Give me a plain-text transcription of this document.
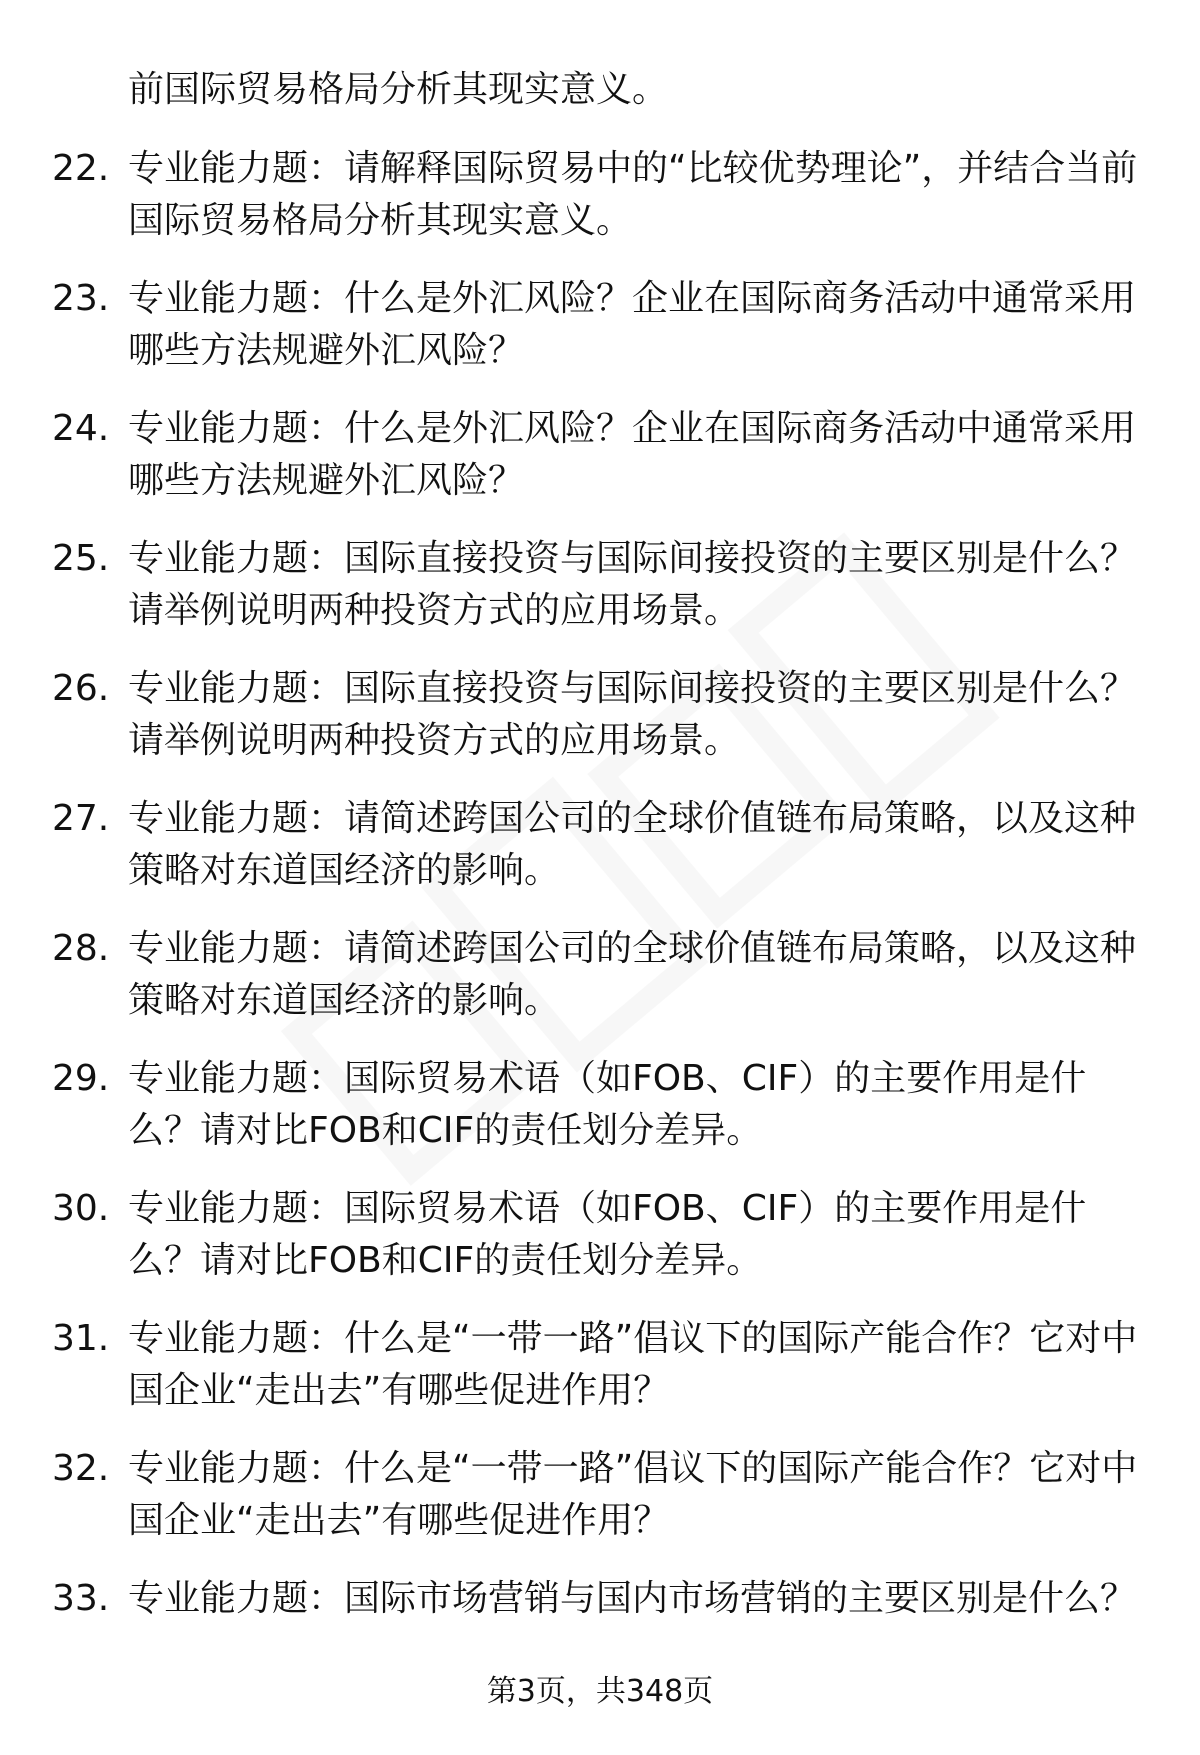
前国际贸易格局分析其现实意义。

22. 专业能力题：请解释国际贸易中的“比较优势理论”，并结合当前国际贸易格局分析其现实意义。

23. 专业能力题：什么是外汇风险？企业在国际商务活动中通常采用哪些方法规避外汇风险？

24. 专业能力题：什么是外汇风险？企业在国际商务活动中通常采用哪些方法规避外汇风险？

25. 专业能力题：国际直接投资与国际间接投资的主要区别是什么？请举例说明两种投资方式的应用场景。

26. 专业能力题：国际直接投资与国际间接投资的主要区别是什么？请举例说明两种投资方式的应用场景。

27. 专业能力题：请简述跨国公司的全球价值链布局策略，以及这种策略对东道国经济的影响。

28. 专业能力题：请简述跨国公司的全球价值链布局策略，以及这种策略对东道国经济的影响。

29. 专业能力题：国际贸易术语（如FOB、CIF）的主要作用是什么？请对比FOB和CIF的责任划分差异。

30. 专业能力题：国际贸易术语（如FOB、CIF）的主要作用是什么？请对比FOB和CIF的责任划分差异。

31. 专业能力题：什么是“一带一路”倡议下的国际产能合作？它对中国企业“走出去”有哪些促进作用？

32. 专业能力题：什么是“一带一路”倡议下的国际产能合作？它对中国企业“走出去”有哪些促进作用？

33. 专业能力题：国际市场营销与国内市场营销的主要区别是什么？

第3页，共348页
